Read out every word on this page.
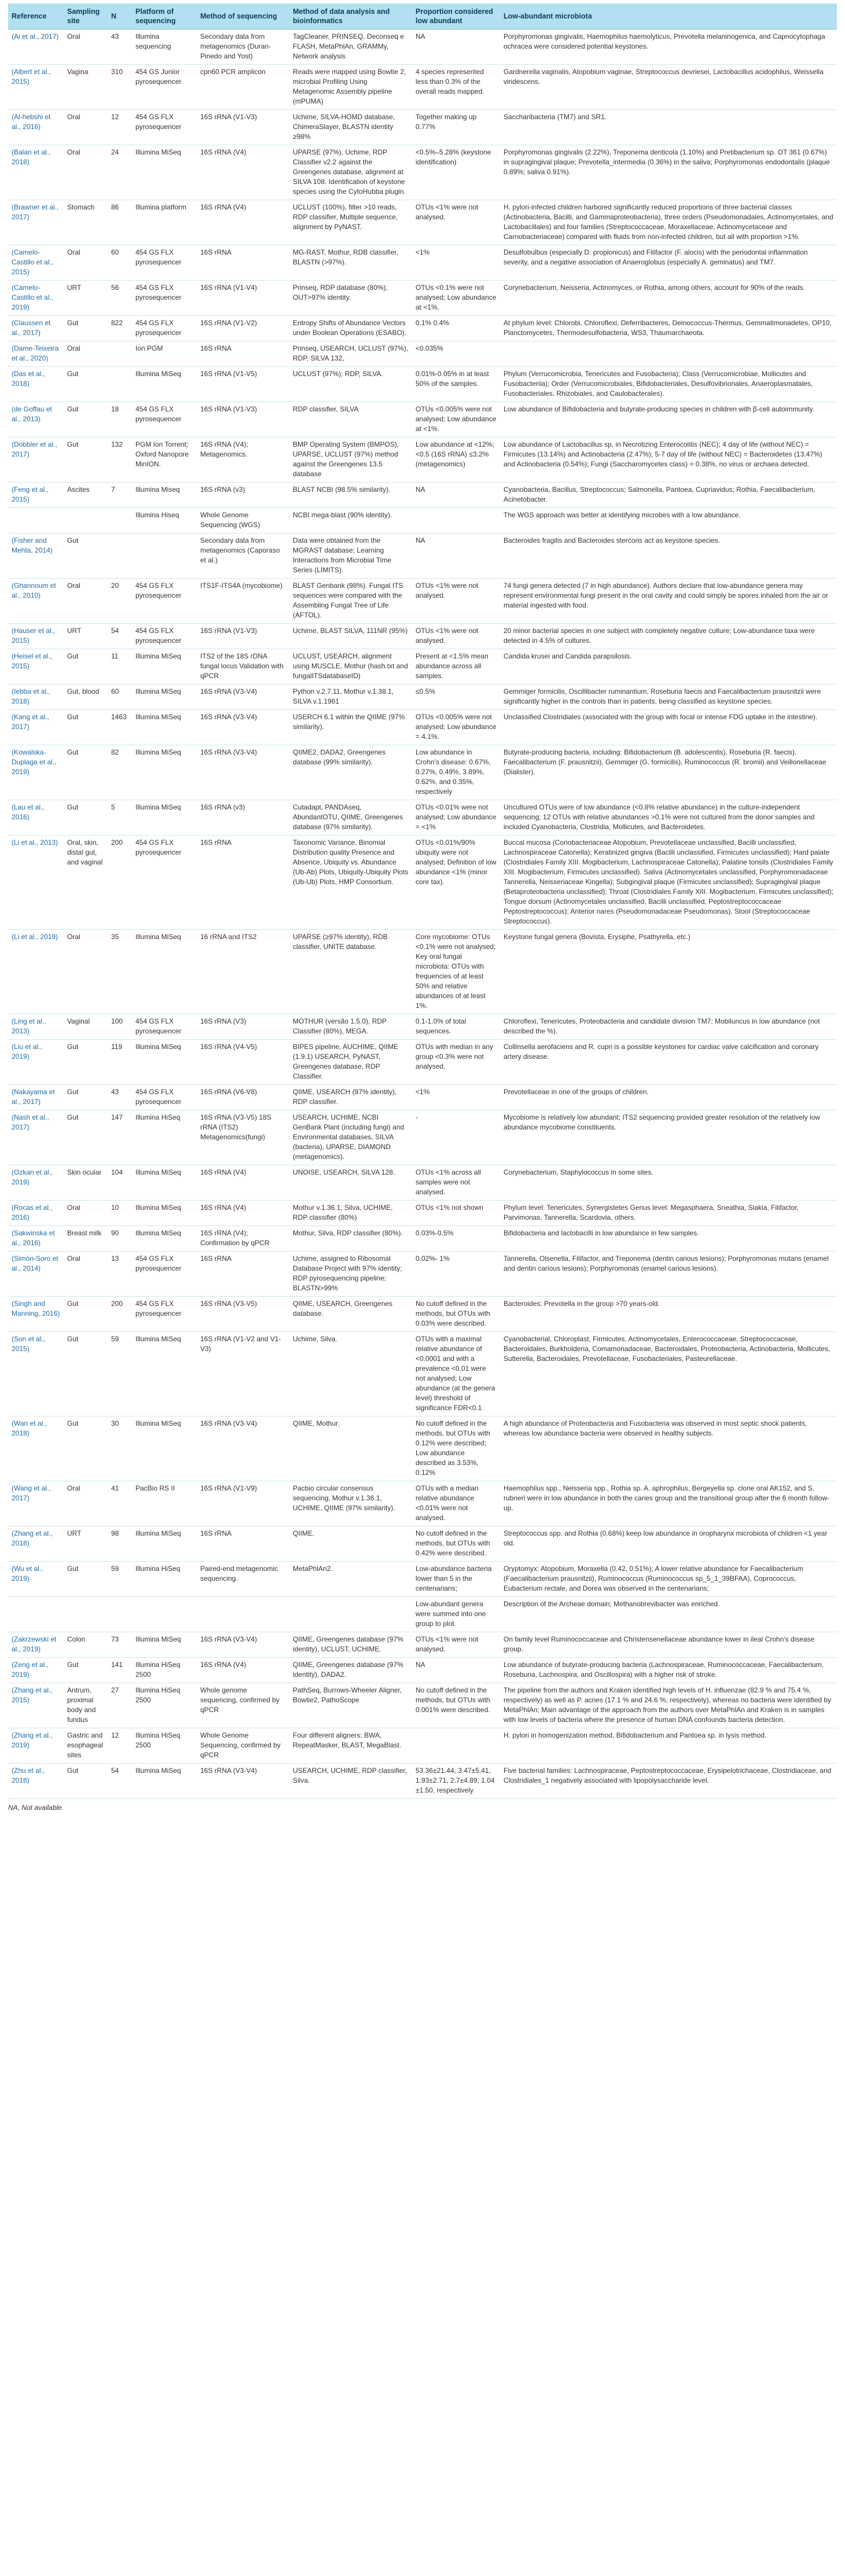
Reference	Sampling site	N	Platform of sequencing	Method of sequencing	Method of data analysis and bioinformatics	Proportion considered low abundant	Low-abundant microbiota
(Ai et al., 2017)	Oral	43	Illumina sequencing	Secondary data from metagenomics (Duran-Pinedo and Yost)	TagCleaner, PRINSEQ, Deconseq e FLASH, MetaPhlAn, GRAMMy, Network analysis	NA	Porphyromonas gingivalis, Haemophilus haemolyticus, Prevotella melaninogenica, and Capnocytophaga ochracea were considered potential keystones.
(Albert et al., 2015)	Vagina	310	454 GS Junior pyrosequencer	cpn60 PCR amplicon	Reads were mapped using Bowtie 2, microbial Profiling Using Metagenomic Assembly pipeline (mPUMA)	4 species represented less than 0.3% of the overall reads mapped.	Gardnerella vaginalis, Atopobium vaginae, Streptococcus devriesei, Lactobacillus acidophilus, Weissella viridescens.
(Al-hebshi et al., 2016)	Oral	12	454 GS FLX pyrosequencer	16S rRNA (V1-V3)	Uchime, SILVA-HOMD database, ChimeraSlayer, BLASTN identity ≥98%	Together making up 0.77%	Saccharibacteria (TM7) and SR1.
(Balan et al., 2018)	Oral	24	Illumina MiSeq	16S rRNA (V4)	UPARSE (97%), Uchime, RDP Classifier v2.2 against the Greengenes database, alignment at SILVA 108. Identification of keystone species using the CytoHubba plugin.	<0.5%–5.28% (keystone identification)	Porphyromonas gingivalis (2.22%), Treponema denticola (1.10%) and Pretibacterium sp. OT 361 (0.67%) in supragingival plaque; Prevotella_intermedia (0.36%) in the saliva; Porphyromonas endodontalis (plaque 0.89%; saliva 0.91%).
(Brawner et al., 2017)	Stomach	86	Illumina platform	16S rRNA (V4)	UCLUST (100%), filter >10 reads, RDP classifier, Multiple sequence, alignment by PyNAST.	OTUs <1% were not analysed.	H. pylori-infected children harbored significantly reduced proportions of three bacterial classes (Actinobacteria, Bacilli, and Gammaproteobacteria), three orders (Pseudomonadales, Actinomycetales, and Lactobacillales) and four families (Streptococcaceae, Moraxellaceae, Actinomycetaceae and Carnobacteriaceae) compared with fluids from non-infected children, but all with proportion >1%.
(Camelo-Castillo et al., 2015)	Oral	60	454 GS FLX pyrosequencer	16S rRNA	MG-RAST, Mothur, RDB classifier, BLASTN (>97%).	<1%	Desulfobulbus (especially D. propionicus) and Filifactor (F. alocis) with the periodontal inflammation severity, and a negative association of Anaeroglobus (especially A. geminatus) and TM7.
(Camelo-Castillo et al., 2019)	URT	56	454 GS FLX pyrosequencer	16S rRNA (V1-V4)	Prinseq, RDP database (80%), OUT>97% identity.	OTUs <0.1% were not analysed; Low abundance at <1%.	Corynebacterium, Neisseria, Actinomyces, or Rothia, among others, account for 90% of the reads.
(Claussen et al., 2017)	Gut	822	454 GS FLX pyrosequencer	16S rRNA (V1-V2)	Entropy Shifts of Abundance Vectors under Boolean Operations (ESABO).	0.1% 0.4%	At phylum level: Chlorobi, Chloroflexi, Deferribacteres, Deinococcus-Thermus, Gemmatimonadetes, OP10, Planctomycetes, Thermodesulfobacteria, WS3, Thaumarchaeota.
(Dame-Teixeira et al., 2020)	Oral		Ion PGM	16S rRNA	Prinseq, USEARCH, UCLUST (97%), RDP, SILVA 132,	<0.035%	
(Das et al., 2018)	Gut		Illumina MiSeq	16S rRNA (V1-V5)	UCLUST (97%); RDP, SILVA.	0.01%-0.05% in at least 50% of the samples.	Phylum (Verrucomicrobia, Tenericutes and Fusobacteria); Class (Verrucomicrobiae, Mollicutes and Fusobacteriia); Order (Verrucomicrobiales, Bifidobacteriales, Desulfovibrionales, Anaeroplasmatales, Fusobacteriales, Rhizobiales, and Caulobacterales).
(de Goffau et al., 2013)	Gut	18	454 GS FLX pyrosequencer	16S rRNA (V1-V3)	RDP classifier, SILVA	OTUs <0.005% were not analysed; Low abundance at <1%.	Low abundance of Bifidobacteria and butyrate-producing species in children with β-cell autoimmunity.
(Dobbler et al., 2017)	Gut	132	PGM Ion Torrent; Oxford Nanopore MinION.	16S rRNA (V4); Metagenomics.	BMP Operating System (BMPOS), UPARSE, UCLUST (97%) method against the Greengenes 13.5 database	Low abundance at <12%; <0.5 (16S rRNA) ≤3.2% (metagenomics)	Low abundance of Lactobacillus sp. in Necrotizing Enterocolitis (NEC); 4 day of life (without NEC) = Firmicutes (13.14%) and Actinobacteria (2.47%); 5-7 day of life (without NEC) = Bacteroidetes (13.47%) and Actinobacteria (0.54%); Fungi (Saccharomycetes class) = 0.38%, no virus or archaea detected.
(Feng et al., 2015)	Ascites	7	Illumina Miseq	16S rRNA (v3)	BLAST NCBI (98.5% similarity).	NA	Cyanobacteria, Bacillus, Streptococcus; Salmonella, Pantoea, Cupriavidus; Rothia, Faecalibacterium, Acinetobacter.
			Illumina Hiseq	Whole Genome Sequencing (WGS)	NCBI mega-blast (90% identity).		The WGS approach was better at identifying microbes with a low abundance.
(Fisher and Mehta, 2014)	Gut			Secondary data from metagenomics (Caporaso et al.)	Data were obtained from the MGRAST database; Learning Interactions from Microbial Time Series (LIMITS).	NA	Bacteroides fragilis and Bacteroides stercoris act as keystone species.
(Ghannoum et al., 2010)	Oral	20	454 GS FLX pyrosequencer	ITS1F-ITS4A (mycobiome)	BLAST Genbank (98%). Fungal ITS sequences were compared with the Assembling Fungal Tree of Life (AFTOL).	OTUs <1% were not analysed.	74 fungi genera detected (7 in high abundance). Authors declare that low-abundance genera may represent environmental fungi present in the oral cavity and could simply be spores inhaled from the air or material ingested with food.
(Hauser et al., 2015)	URT	54	454 GS FLX pyrosequencer	16S rRNA (V1-V3)	Uchime, BLAST SILVA, 111NR (95%)	OTUs <1% were not analysed.	20 minor bacterial species in one subject with completely negative culture; Low-abundance taxa were detected in 4.5% of cultures.
(Heisel et al., 2015)	Gut	11	Illumina MiSeq	ITS2 of the 18S rDNA fungal locus Validation with qPCR	UCLUST, USEARCH, alignment using MUSCLE, Mothur (hash.txt and fungalITSdatabaseID)	Present at <1.5% mean abundance across all samples.	Candida krusei and Candida parapsilosis.
(Iebba et al., 2018)	Gut, blood	60	Illumina MiSeq	16S rRNA (V3-V4)	Python v.2.7.11, Mothur v.1.38.1, SILVA v.1.1961	≤0.5%	Gemmiger formicilis, Oscillibacter ruminantium, Roseburia faecis and Faecalibacterium prausnitzii were significantly higher in the controls than in patients, being classified as keystone species.
(Kang et al., 2017)	Gut	1463	Illumina MiSeq	16S rRNA (V3-V4)	USERCH 6.1 within the QIIME (97% similarity).	OTUs <0.005% were not analysed; Low abundance = 4.1%.	Unclassified Clostridiales (associated with the group with focal or intense FDG uptake in the intestine).
(Kowalska-Duplaga et al., 2019)	Gut	82	Illumina MiSeq	16S rRNA (V3-V4)	QIIME2, DADA2, Greengenes database (99% similarity).	Low abundance in Crohn's disease: 0.67%, 0.27%, 0.49%, 3.89%, 0.62%, and 0.35%, respectively	Butyrate-producing bacteria, including: Bifidobacterium (B. adolescentis), Roseburia (R. faecis), Faecalibacterium (F. prausnitzii), Gemmiger (G. formicilis), Ruminococcus (R. bromii) and Veillonellaceae (Dialister).
(Lau et al., 2016)	Gut	5	Illumina MiSeq	16S rRNA (v3)	Cutadapt, PANDAseq, AbundantOTU, QIIME, Greengenes database (97% similarity).	OTUs <0.01% were not analysed; Low abundance = <1%	Uncultured OTUs were of low abundance (<0.8% relative abundance) in the culture-independent sequencing; 12 OTUs with relative abundances >0.1% were not cultured from the donor samples and included Cyanobacteria, Clostridia, Mollicutes, and Bacteroidetes.
(Li et al., 2013)	Oral, skin, distal gut, and vaginal	200	454 GS FLX pyrosequencer	16S rRNA	Taxonomic Variance, Binomial Distribution quality Presence and Absence, Ubiquity vs. Abundance (Ub-Ab) Plots, Ubiquity-Ubiquity Plots (Ub-Ub) Plots, HMP Consortium.	OTUs <0.01%/90% ubiquity were not analysed; Definition of low abundance <1% (minor core tax).	Buccal mucosa (Coriobacteriaceae Atopobium, Prevotellaceae unclassified, Bacilli unclassified, Lachnospiraceae Catonella); Keratinized gingiva (Bacilli unclassified, Firmicutes unclassified); Hard palate (Clostridiales Family XIII. Mogibacterium, Lachnospiraceae Catonella); Palatine tonsils (Clostridiales Family XIII. Mogibacterium, Firmicutes unclassified). Saliva (Actinomycetales unclassified, Porphyromonadaceae Tannerella, Neisseriaceae Kingella); Subgingival plaque (Firmicutes unclassified); Supragingival plaque (Betaproteobacteria unclassified); Throat (Clostridiales Family XIII. Mogibacterium, Firmicutes unclassified); Tongue dorsum (Actinomycetales unclassified, Bacilli unclassified, Peptostreptococcaceae Peptostreptococcus); Anterior nares (Pseudomonadaceae Pseudomonas), Stool (Streptococcaceae Streptococcus).
(Li et al., 2019)	Oral	35	Illumina MiSeq	16 rRNA and ITS2	UPARSE (≥97% identity), RDB classifier, UNITE database.	Core mycobiome: OTUs <0.1% were not analysed; Key oral fungal microbiota: OTUs with frequencies of at least 50% and relative abundances of at least 1%.	Keystone fungal genera (Bovista, Erysiphe, Psathyrella, etc.)
(Ling et al., 2013)	Vaginal	100	454 GS FLX pyrosequencer	16S rRNA (V3)	MOTHUR (versão 1.5.0), RDP Classifier (80%), MEGA.	0.1-1.0% of total sequences.	Chloroflexi, Tenericutes, Proteobacteria and candidate division TM7; Mobiluncus in low abundance (not described the %).
(Liu et al., 2019)	Gut	119	Illumina MiSeq	16S rRNA (V4-V5)	BIPES pipeline, AUCHIME, QIIME (1.9.1) USEARCH, PyNAST, Greengenes database, RDP Classifier.	OTUs with median in any group <0.3% were not analysed.	Collinsella aerofaciens and R. cupri is a possible keystones for cardiac valve calcification and coronary artery disease.
(Nakayama et al., 2017)	Gut	43	454 GS FLX pyrosequencer	16S rRNA (V6-V8)	QIIME, USEARCH (97% identity), RDP classifier.	<1%	Prevotellaceae in one of the groups of children.
(Nash et al., 2017)	Gut	147	Illumina HiSeq	16S rRNA (V3-V5) 18S rRNA (ITS2) Metagenomics(fungi)	USEARCH, UCHIME, NCBI GenBank Plant (including fungi) and Environmental databases, SILVA (bacteria), UPARSE, DIAMOND (metagenomics).	-	Mycobiome is relatively low abundant; ITS2 sequencing provided greater resolution of the relatively low abundance mycobiome constituents.
(Ozkan et al., 2019)	Skin ocular	104	Illumina MiSeq	16S rRNA (V4)	UNOISE, USEARCH, SILVA 128.	OTUs <1% across all samples were not analysed.	Corynebacterium, Staphylococcus in some sites.
(Rocas et al., 2016)	Oral	10	Illumina MiSeq	16S rRNA (V4)	Mothur v.1.36.1, Silva, UCHIME, RDP classifier (80%)	OTUs <1% not shown	Phylum level: Tenericutes, Synergistetes Genus level: Megasphaera, Sneathia, Slakia, Filifactor, Parvimonas, Tannerella, Scardovia, others.
(Sakwinska et al., 2016)	Breast milk	90	Illumina MiSeq	16S rRNA (V4); Confirmation by qPCR	Mothur, Silva, RDP classifier (80%).	0.03%-0.5%	Bifidobacteria and lactobacilli in low abundance in few samples.
(Simón-Soro et al., 2014)	Oral	13	454 GS FLX pyrosequencer	16S rRNA	Uchime, assigned to Ribosomal Database Project with 97% identity; RDP pyrosequencing pipeline; BLASTN>99%	0.02%- 1%	Tannerella, Olsenella, Filifactor, and Treponema (dentin carious lesions); Porphyromonas mutans (enamel and dentin carious lesions); Porphyromonas (enamel carious lesions).
(Singh and Manning, 2016)	Gut	200	454 GS FLX pyrosequencer	16S rRNA (V3-V5)	QIIME, USEARCH, Greengenes database.	No cutoff defined in the methods, but OTUs with 0.03% were described.	Bacteroides; Prevotella in the group >70 years-old.
(Son et al., 2015)	Gut	59	Illumina MiSeq	16S rRNA (V1-V2 and V1-V3)	Uchime, Silva.	OTUs with a maximal relative abundance of <0.0001 and with a prevalence <0.01 were not analysed; Low abundance (at the genera level) threshold of significance FDR<0.1	Cyanobacterial, Chloroplast, Firmicutes, Actinomycetales, Enterococcaceae, Streptococcaceae, Bacteroidales, Burkholderia, Comamonadaceae, Bacteroidales, Proteobacteria, Actinobacteria, Mollicutes, Sutterella, Bacteroidales, Prevotellaceae, Fusobacteriales, Pasteurellaceae.
(Wan et al., 2018)	Gut	30	Illumina MiSeq	16S rRNA (V3-V4)	QIIME, Mothur.	No cutoff defined in the methods, but OTUs with 0.12% were described; Low abundance described as 3.53%, 0.12%	A high abundance of Proteobacteria and Fusobacteria was observed in most septic shock patients, whereas low abundance bacteria were observed in healthy subjects.
(Wang et al., 2017)	Oral	41	PacBio RS II	16S rRNA (V1-V9)	Pacbio circular consensus sequencing, Mothur v.1.36.1, UCHIME, QIIME (97% similarity).	OTUs with a median relative abundance <0.01% were not analysed.	Haemophilus spp., Neisseria spp., Rothia sp. A. aphrophilus, Bergeyella sp. clone oral AK152, and S. rubneri were in low abundance in both the caries group and the transitional group after the 6 month follow-up.
(Zhang et al., 2018)	URT	98	Illumina MiSeq	16S rRNA	QIIME.	No cutoff defined in the methods, but OTUs with 0.42% were described.	Streptococcus spp. and Rothia (0.68%) keep low abundance in oropharynx microbiota of children <1 year old.
(Wu et al., 2019)	Gut	59	Illumina HiSeq	Paired-end metagenomic sequencing.	MetaPhlAn2.	Low-abundance bacteria lower than 5 in the centenarians;	Oryptomyx: Atopobium, Moraxella (0.42, 0.51%); A lower relative abundance for Faecalibacterium (Faecalibacterium prausnitzii), Ruminococcus (Ruminococcus sp_5_1_39BFAA), Coprococcus, Eubacterium rectale, and Dorea was observed in the centenarians;
						Low-abundant genera were summed into one group to plot.	Description of the Archeae domain; Methanobrevibacter was enriched.
(Zakrzewski et al., 2019)	Colon	73	Illumina MiSeq	16S rRNA (V3-V4)	QIIME, Greengenes database (97% identity), UCLUST, UCHIME.	OTUs <1% were not analysed.	On family level Ruminococcaceae and Christensenellaceae abundance lower in ileal Crohn's disease group.
(Zeng et al., 2019)	Gut	141	Illumina HiSeq 2500	16S rRNA (V4)	QIIME, Greengenes database (97% identity), DADA2.	NA	Low abundance of butyrate-producing bacteria (Lachnospiraceae, Ruminococcaceae, Faecalibacterium, Roseburia, Lachnospira, and Oscillospira) with a higher risk of stroke.
(Zhang et al., 2015)	Antrum, proximal body and fundus	27	Illumina HiSeq 2500	Whole genome sequencing, confirmed by qPCR	PathSeq, Burrows-Wheeler Aligner, Bowtie2, PathoScope	No cutoff defined in the methods, but OTUs with 0.001% were described.	The pipeline from the authors and Kraken identified high levels of H. influenzae (82.9 % and 75.4 %, respectively) as well as P. acnes (17.1 % and 24.6 %, respectively), whereas no bacteria were identified by MetaPhlAn; Main advantage of the approach from the authors over MetaPhlAn and Kraken is in samples with low levels of bacteria where the presence of human DNA confounds bacteria detection.
(Zhang et al., 2019)	Gastric and esophageal sites	12	Illumina HiSeq 2500	Whole Genome Sequencing, confirmed by qPCR	Four different aligners: BWA, RepeatMasker, BLAST, MegaBlast.		H. pylori in homogenization method, Bifidobacterium and Pantoea sp. in lysis method.
(Zhu et al., 2018)	Gut	54	Illumina MiSeq	16S rRNA (V3-V4)	USEARCH, UCHIME, RDP classifier, Silva.	53.36±21.44, 3.47±5.41, 1.93±2.71, 2.7±4.89, 1.04 ±1.50, respectively	Five bacterial families: Lachnospiraceae, Peptostreptococcaceae, Erysipelotrichaceae, Clostridiaceae, and Clostridiales_1 negatively associated with lipopolysaccharide level.
NA, Not available.
